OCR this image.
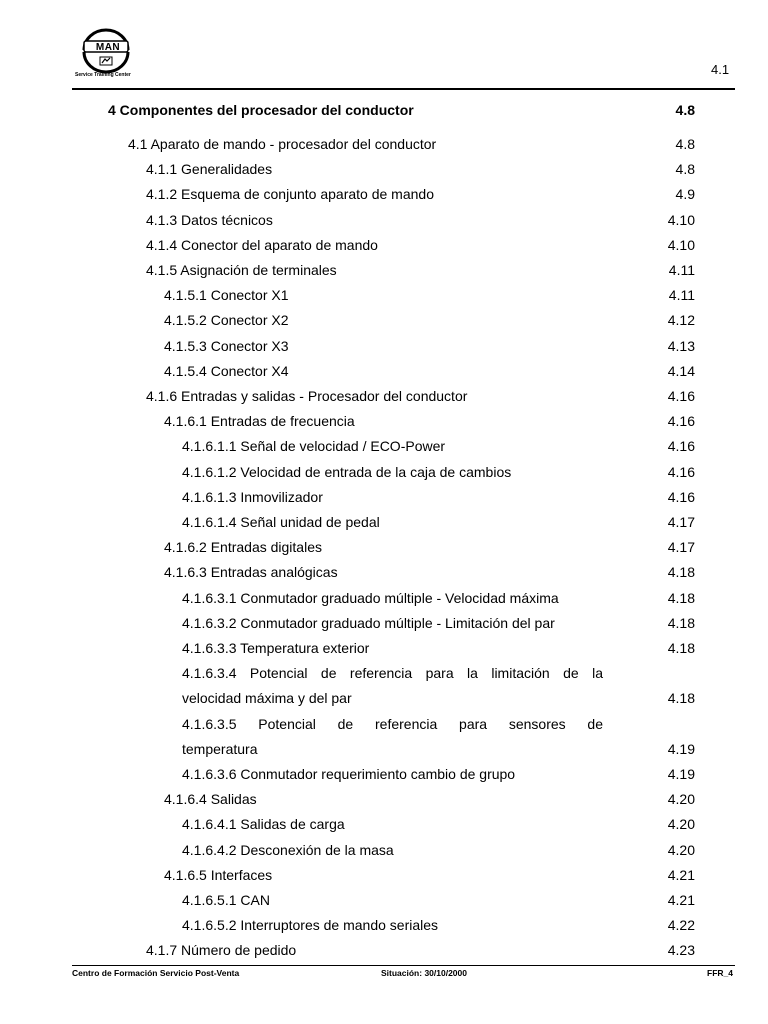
MAN
Service Training Center	4.1
4 Componentes del procesador del conductor	4.8
4.1 Aparato de mando - procesador del conductor	4.8
4.1.1 Generalidades	4.8
4.1.2 Esquema de conjunto aparato de mando	4.9
4.1.3 Datos técnicos	4.10
4.1.4 Conector del aparato de mando	4.10
4.1.5 Asignación de terminales	4.11
4.1.5.1 Conector X1	4.11
4.1.5.2 Conector X2	4.12
4.1.5.3 Conector X3	4.13
4.1.5.4 Conector X4	4.14
4.1.6 Entradas y salidas - Procesador del conductor	4.16
4.1.6.1 Entradas de frecuencia	4.16
4.1.6.1.1 Señal de velocidad / ECO-Power	4.16
4.1.6.1.2 Velocidad de entrada de la caja de cambios	4.16
4.1.6.1.3 Inmovilizador	4.16
4.1.6.1.4 Señal unidad de pedal	4.17
4.1.6.2 Entradas digitales	4.17
4.1.6.3 Entradas analógicas	4.18
4.1.6.3.1 Conmutador graduado múltiple - Velocidad máxima	4.18
4.1.6.3.2 Conmutador graduado múltiple - Limitación del par	4.18
4.1.6.3.3 Temperatura exterior	4.18
4.1.6.3.4 Potencial de referencia para la limitación de la
velocidad máxima y del par	4.18
4.1.6.3.5 Potencial de referencia para sensores de
temperatura	4.19
4.1.6.3.6 Conmutador requerimiento cambio de grupo	4.19
4.1.6.4 Salidas	4.20
4.1.6.4.1 Salidas de carga	4.20
4.1.6.4.2 Desconexión de la masa	4.20
4.1.6.5 Interfaces	4.21
4.1.6.5.1 CAN	4.21
4.1.6.5.2 Interruptores de mando seriales	4.22
4.1.7 Número de pedido	4.23
Centro de Formación Servicio Post-Venta	Situación: 30/10/2000	FFR_4
